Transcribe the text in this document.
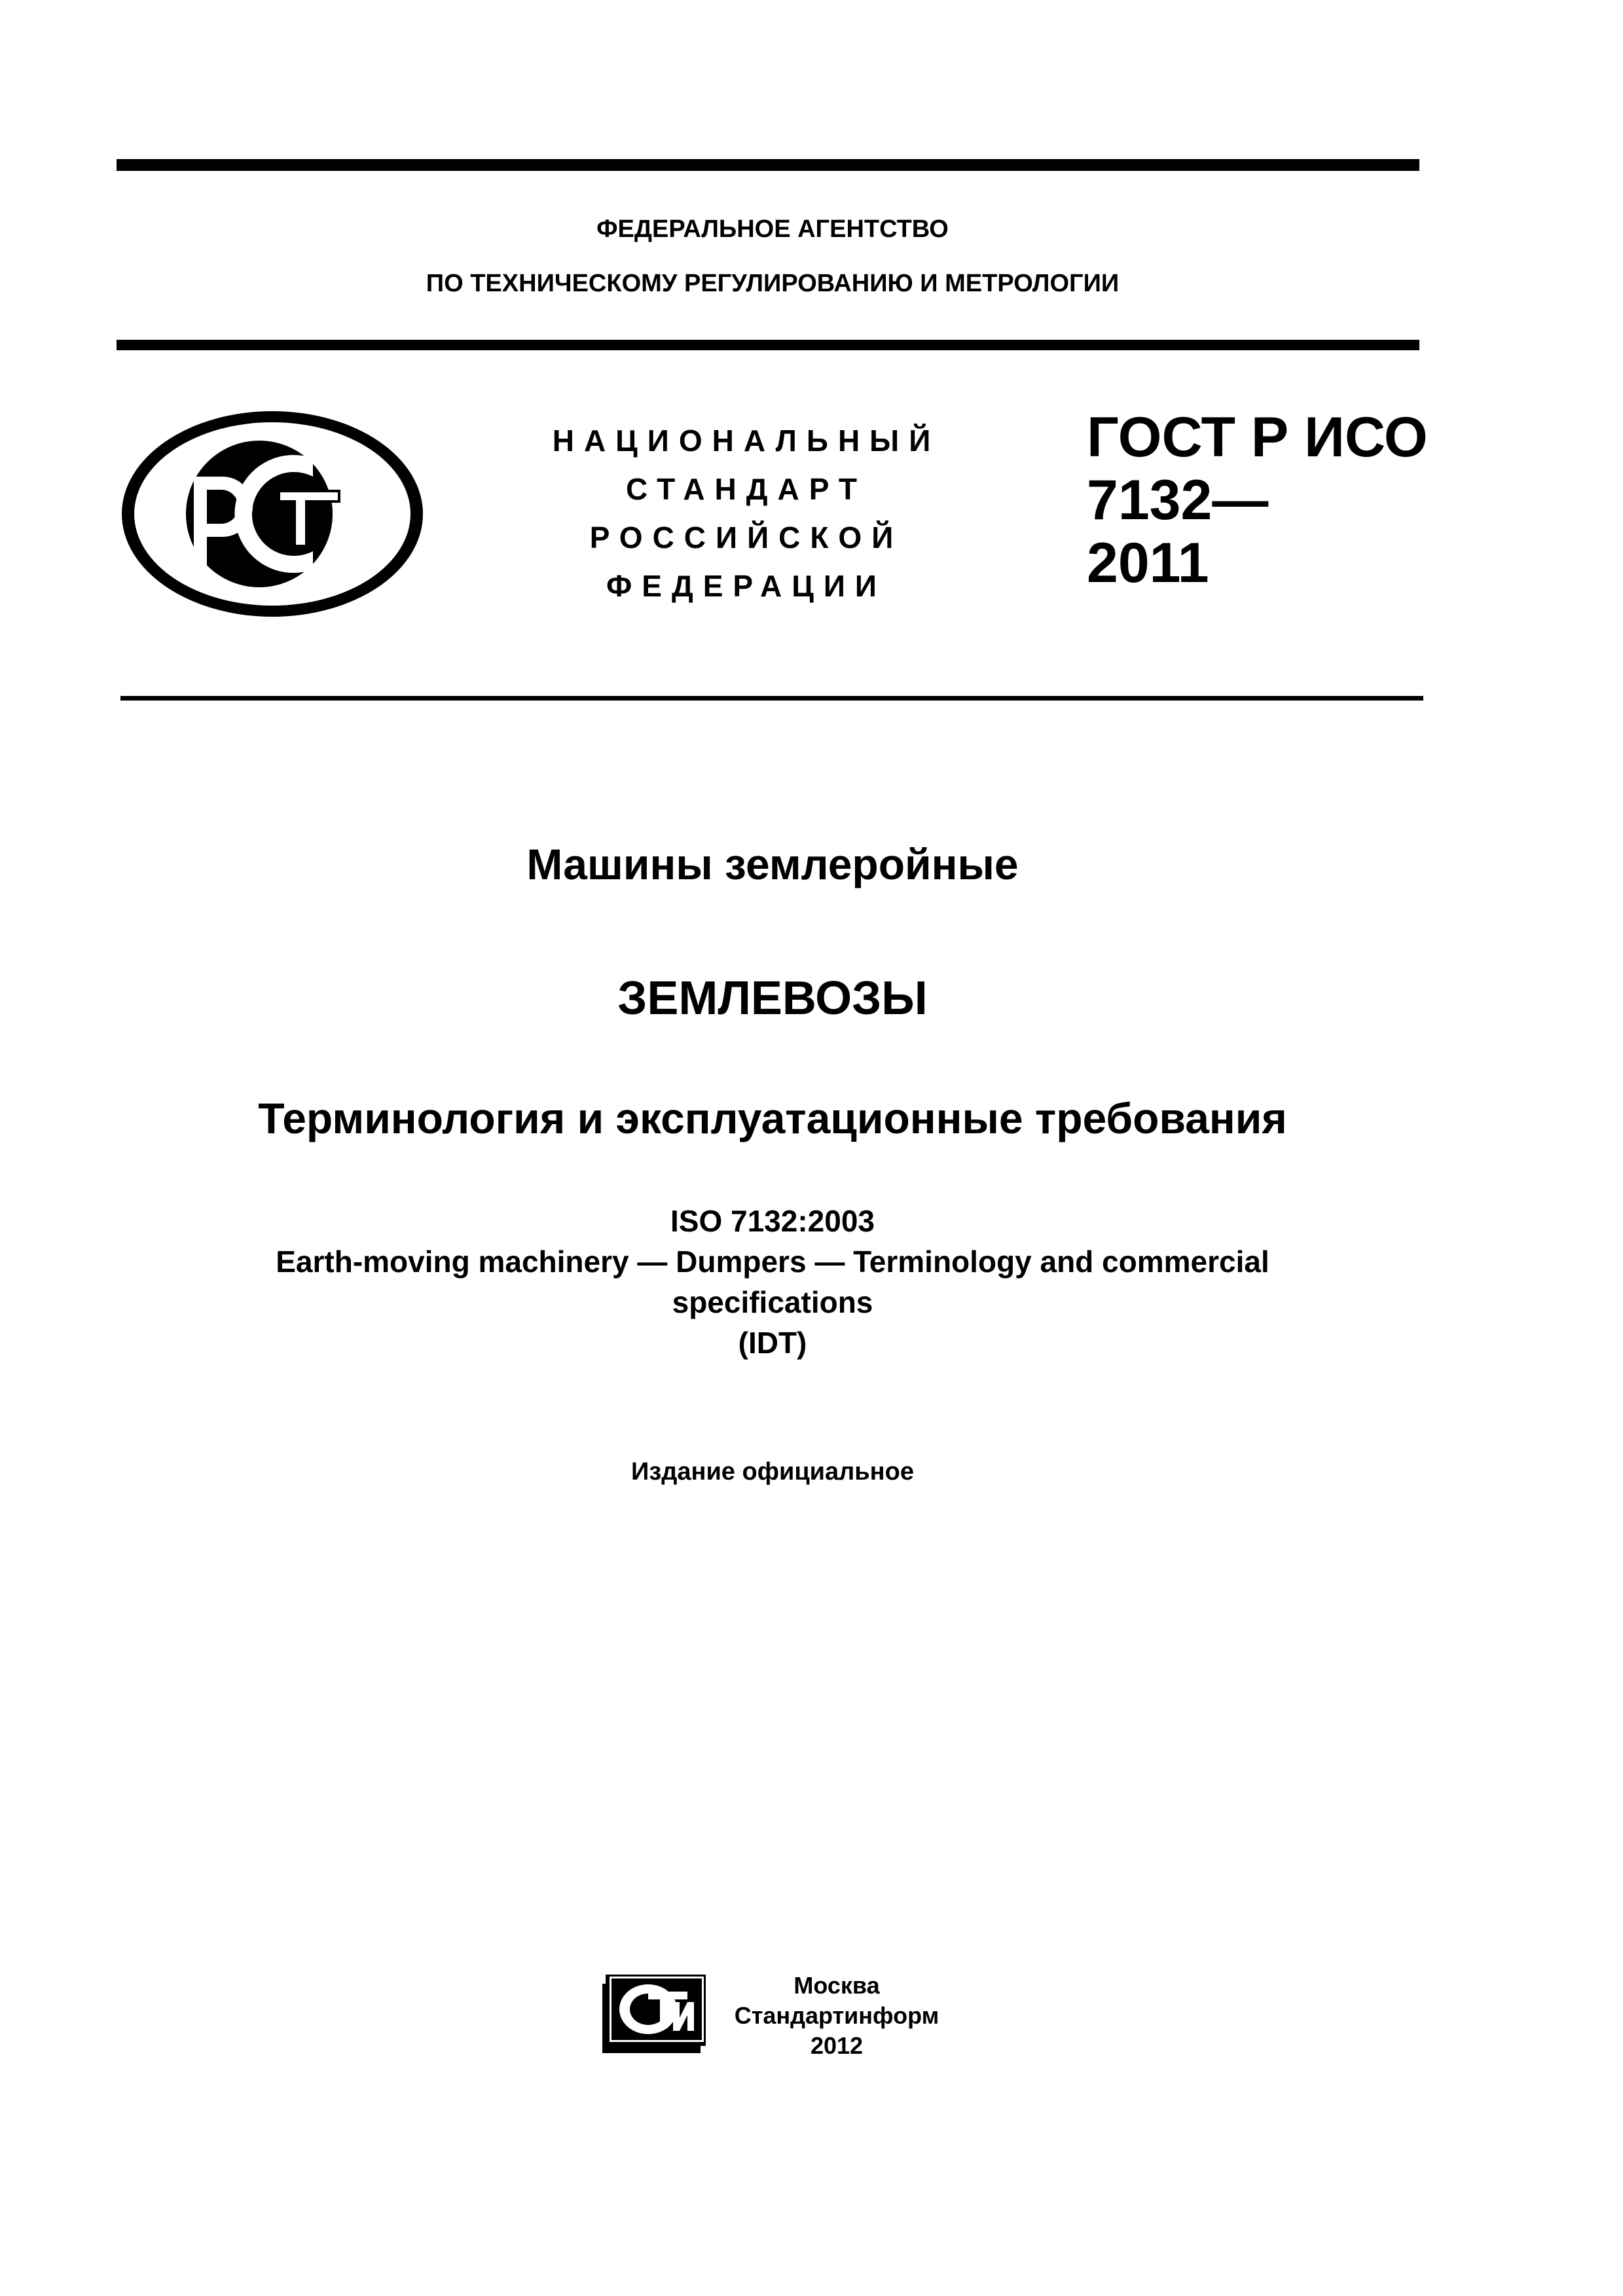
ФЕДЕРАЛЬНОЕ АГЕНТСТВО
ПО ТЕХНИЧЕСКОМУ РЕГУЛИРОВАНИЮ И МЕТРОЛОГИИ
НАЦИОНАЛЬНЫЙ
СТАНДАРТ
РОССИЙСКОЙ
ФЕДЕРАЦИИ
ГОСТ Р ИСО
7132—
2011
Машины землеройные
ЗЕМЛЕВОЗЫ
Терминология и эксплуатационные требования
ISO 7132:2003
Earth-moving machinery — Dumpers — Terminology and commercial
specifications
(IDT)
Издание официальное
Москва
Стандартинформ
2012
